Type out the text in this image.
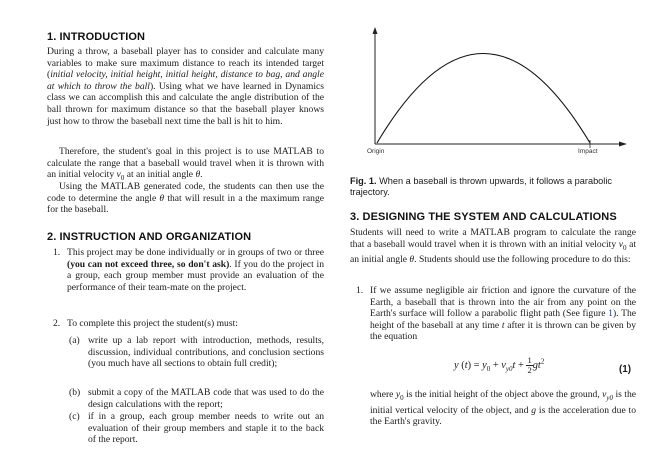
1. INTRODUCTION

During a throw, a baseball player has to consider and calculate many variables to make sure maximum distance to reach its intended target (initial velocity, initial height, initial height, distance to bag, and angle at which to throw the ball). Using what we have learned in Dynamics class we can accomplish this and calculate the angle distribution of the ball thrown for maximum distance so that the baseball player knows just how to throw the baseball next time the ball is hit to him.

Therefore, the student's goal in this project is to use MATLAB to calculate the range that a baseball would travel when it is thrown with an initial velocity $v_0$ at an initial angle θ.

Using the MATLAB generated code, the students can then use the code to determine the angle θ that will result in a the maximum range for the baseball.

2. INSTRUCTION AND ORGANIZATION
1. This project may be done individually or in groups of two or three (you can not exceed three, so don't ask). If you do the project in a group, each group member must provide an evaluation of the performance of their team-mate on the project.

2. To complete this project the student(s) must:

(a) write up a lab report with introduction, methods, results, discussion, individual contributions, and conclusion sections (you much have all sections to obtain full credit);

(b) submit a copy of the MATLAB code that was used to do the design calculations with the report;

(c) if in a group, each group member needs to write out an evaluation of their group members and staple it to the back of the report.

Origin	Impact

Fig. 1. When a baseball is thrown upwards, it follows a parabolic trajectory.

3. DESIGNING THE SYSTEM AND CALCULATIONS

Students will need to write a MATLAB program to calculate the range that a baseball would travel when it is thrown with an initial velocity $v_0$ at an initial angle θ. Students should use the following procedure to do this:

1. If we assume negligible air friction and ignore the curvature of the Earth, a baseball that is thrown into the air from any point on the Earth's surface will follow a parabolic flight path (See figure 1). The height of the baseball at any time t after it is thrown can be given by the equation

y $(t) = y_0 + v_{y0}t + \frac{1}{2} gt^2$
(1)

where $y_0$ is the initial height of the object above the ground, $v_{y0}$ is the initial vertical velocity of the object, and g is the acceleration due to the Earth's gravity.
